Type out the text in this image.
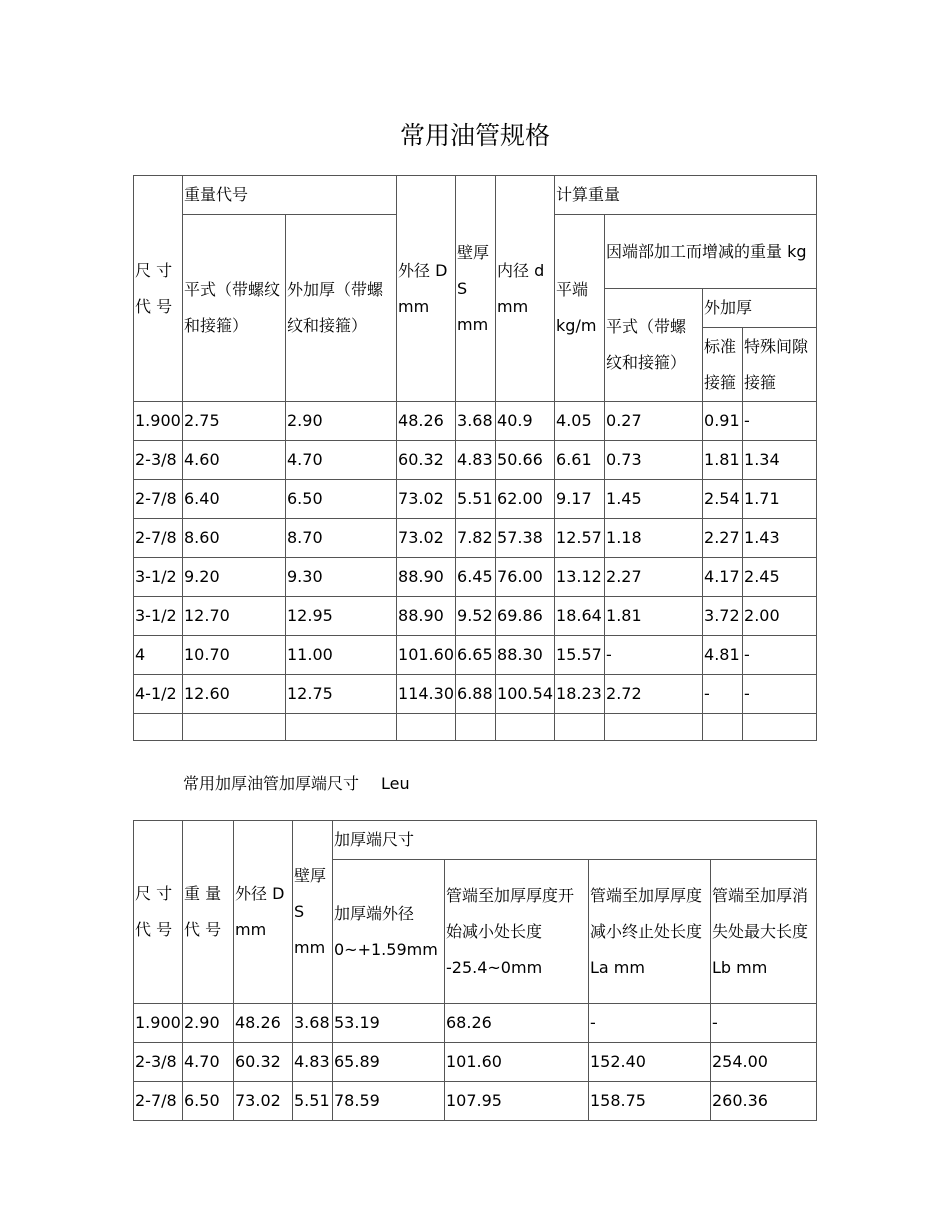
常用油管规格
尺 寸 代 号	重量代号		外径 D mm	壁厚 S mm	内径 d mm	计算重量			
	平式（带螺纹和接箍）	外加厚（带螺纹和接箍）				平端 kg/m	因端部加工而增减的重量 kg		
							平式（带螺纹和接箍）	外加厚	
								标准接箍	特殊间隙接箍
1.900	2.75	2.90	48.26	3.68	40.9	4.05	0.27	0.91	-
2-3/8	4.60	4.70	60.32	4.83	50.66	6.61	0.73	1.81	1.34
2-7/8	6.40	6.50	73.02	5.51	62.00	9.17	1.45	2.54	1.71
2-7/8	8.60	8.70	73.02	7.82	57.38	12.57	1.18	2.27	1.43
3-1/2	9.20	9.30	88.90	6.45	76.00	13.12	2.27	4.17	2.45
3-1/2	12.70	12.95	88.90	9.52	69.86	18.64	1.81	3.72	2.00
4	10.70	11.00	101.60	6.65	88.30	15.57	-	4.81	-
4-1/2	12.60	12.75	114.30	6.88	100.54	18.23	2.72	-	-

常用加厚油管加厚端尺寸 Leu
尺 寸 代 号	重 量 代 号	外径 D mm	壁厚 S mm	加厚端尺寸			
				加厚端外径 0~+1.59mm	管端至加厚厚度开始减小处长度 -25.4~0mm	管端至加厚厚度减小终止处长度 La mm	管端至加厚消失处最大长度 Lb mm
1.900	2.90	48.26	3.68	53.19	68.26	-	-
2-3/8	4.70	60.32	4.83	65.89	101.60	152.40	254.00
2-7/8	6.50	73.02	5.51	78.59	107.95	158.75	260.36
